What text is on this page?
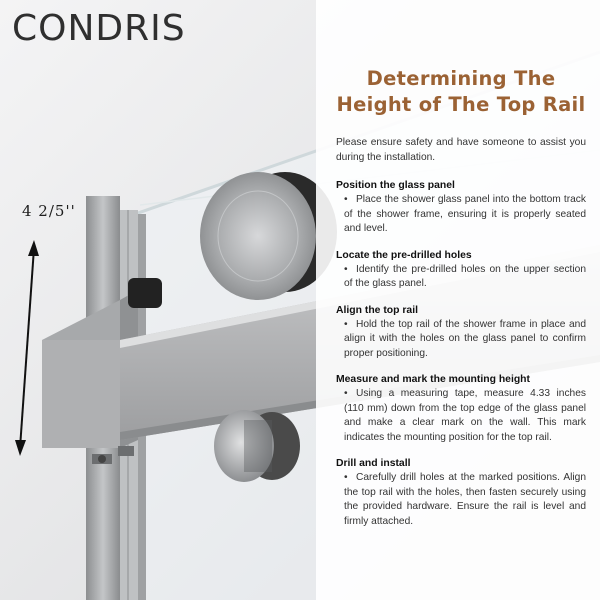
CONDRIS
4 2/5''
Determining The
Height of The Top Rail

Please ensure safety and have someone to assist you during the installation.

Position the glass panel
• Place the shower glass panel into the bottom track of the shower frame, ensuring it is properly seated and level.
Locate the pre-drilled holes
• Identify the pre-drilled holes on the upper section of the glass panel.
Align the top rail
• Hold the top rail of the shower frame in place and align it with the holes on the glass panel to confirm proper positioning.
Measure and mark the mounting height
• Using a measuring tape, measure 4.33 inches (110 mm) down from the top edge of the glass panel and make a clear mark on the wall. This mark indicates the mounting position for the top rail.
Drill and install
• Carefully drill holes at the marked positions. Align the top rail with the holes, then fasten securely using the provided hardware. Ensure the rail is level and firmly attached.
